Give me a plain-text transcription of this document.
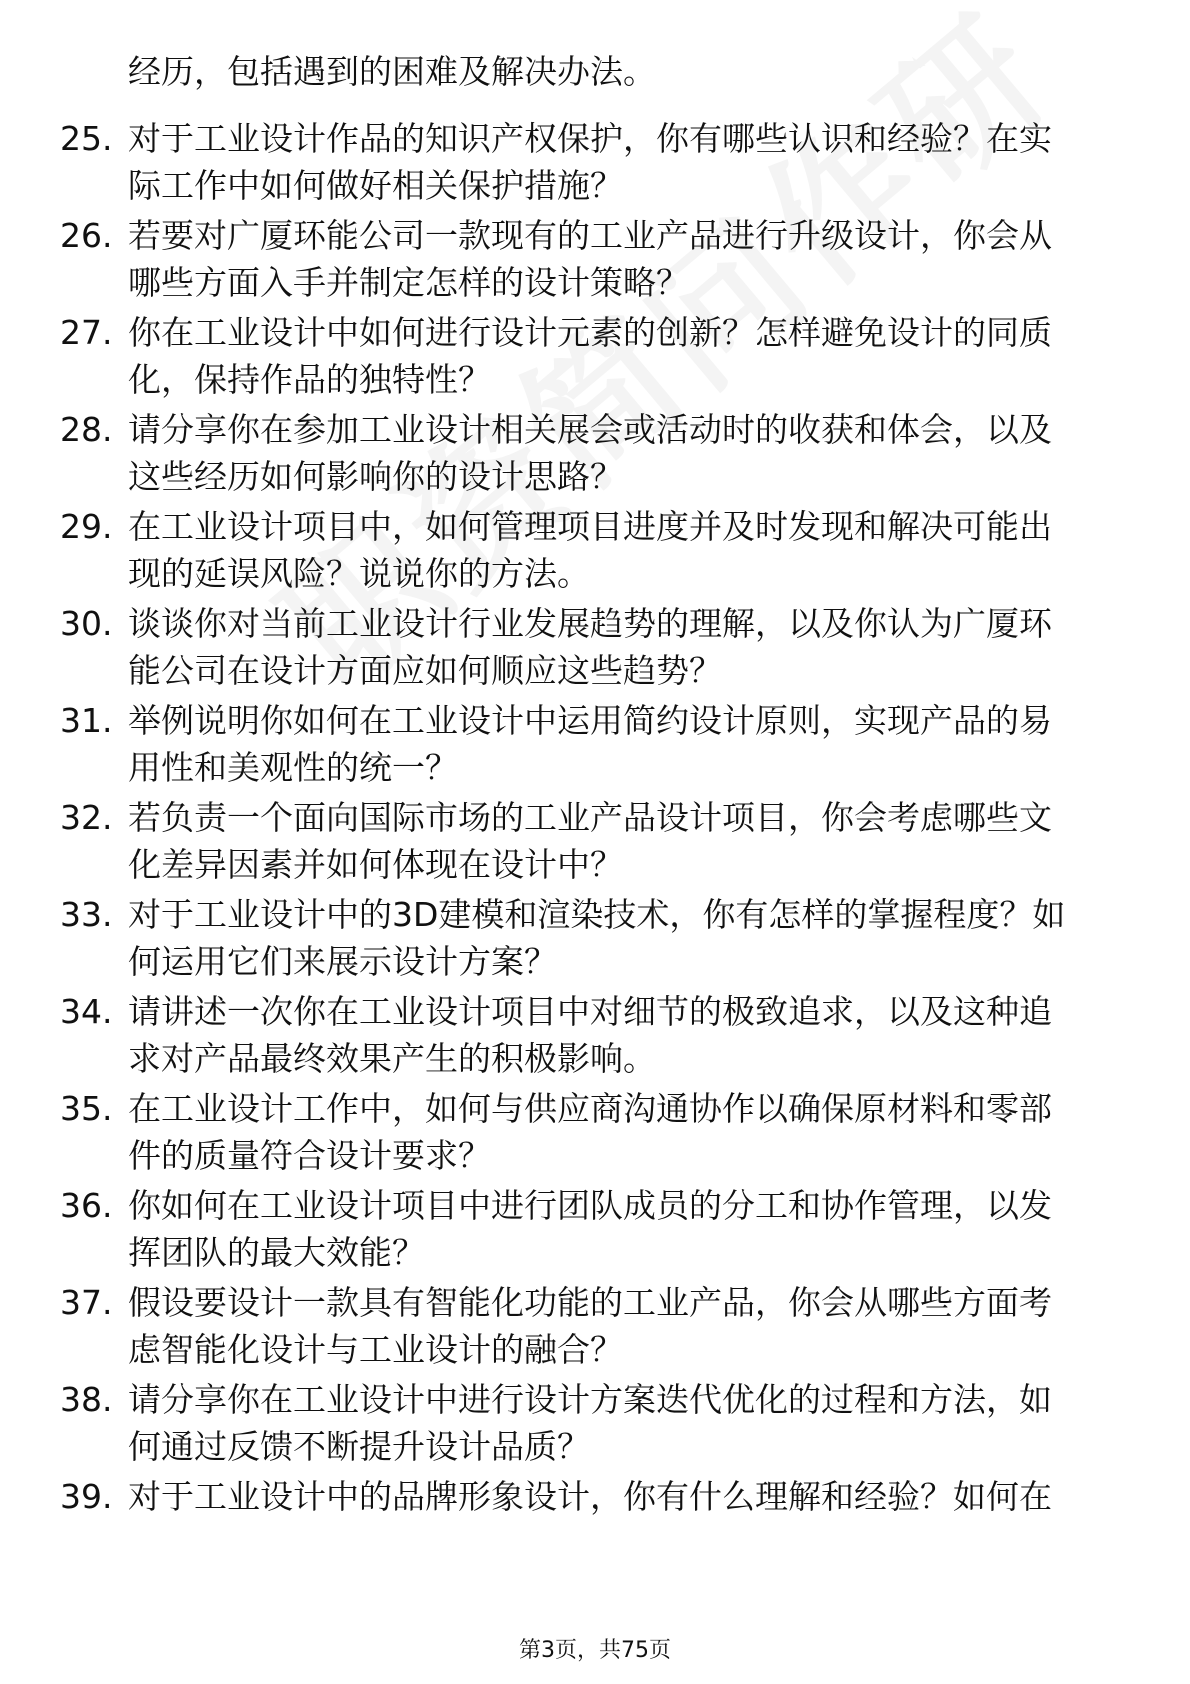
经历，包括遇到的困难及解决办法。
25. 对于工业设计作品的知识产权保护，你有哪些认识和经验？在实
际工作中如何做好相关保护措施？
26. 若要对广厦环能公司一款现有的工业产品进行升级设计，你会从
哪些方面入手并制定怎样的设计策略？
27. 你在工业设计中如何进行设计元素的创新？怎样避免设计的同质
化，保持作品的独特性？
28. 请分享你在参加工业设计相关展会或活动时的收获和体会，以及
这些经历如何影响你的设计思路？
29. 在工业设计项目中，如何管理项目进度并及时发现和解决可能出
现的延误风险？说说你的方法。
30. 谈谈你对当前工业设计行业发展趋势的理解，以及你认为广厦环
能公司在设计方面应如何顺应这些趋势？
31. 举例说明你如何在工业设计中运用简约设计原则，实现产品的易
用性和美观性的统一？
32. 若负责一个面向国际市场的工业产品设计项目，你会考虑哪些文
化差异因素并如何体现在设计中？
33. 对于工业设计中的3D建模和渲染技术，你有怎样的掌握程度？如
何运用它们来展示设计方案？
34. 请讲述一次你在工业设计项目中对细节的极致追求，以及这种追
求对产品最终效果产生的积极影响。
35. 在工业设计工作中，如何与供应商沟通协作以确保原材料和零部
件的质量符合设计要求？
36. 你如何在工业设计项目中进行团队成员的分工和协作管理，以发
挥团队的最大效能？
37. 假设要设计一款具有智能化功能的工业产品，你会从哪些方面考
虑智能化设计与工业设计的融合？
38. 请分享你在工业设计中进行设计方案迭代优化的过程和方法，如
何通过反馈不断提升设计品质？
39. 对于工业设计中的品牌形象设计，你有什么理解和经验？如何在
第3页，共75页
